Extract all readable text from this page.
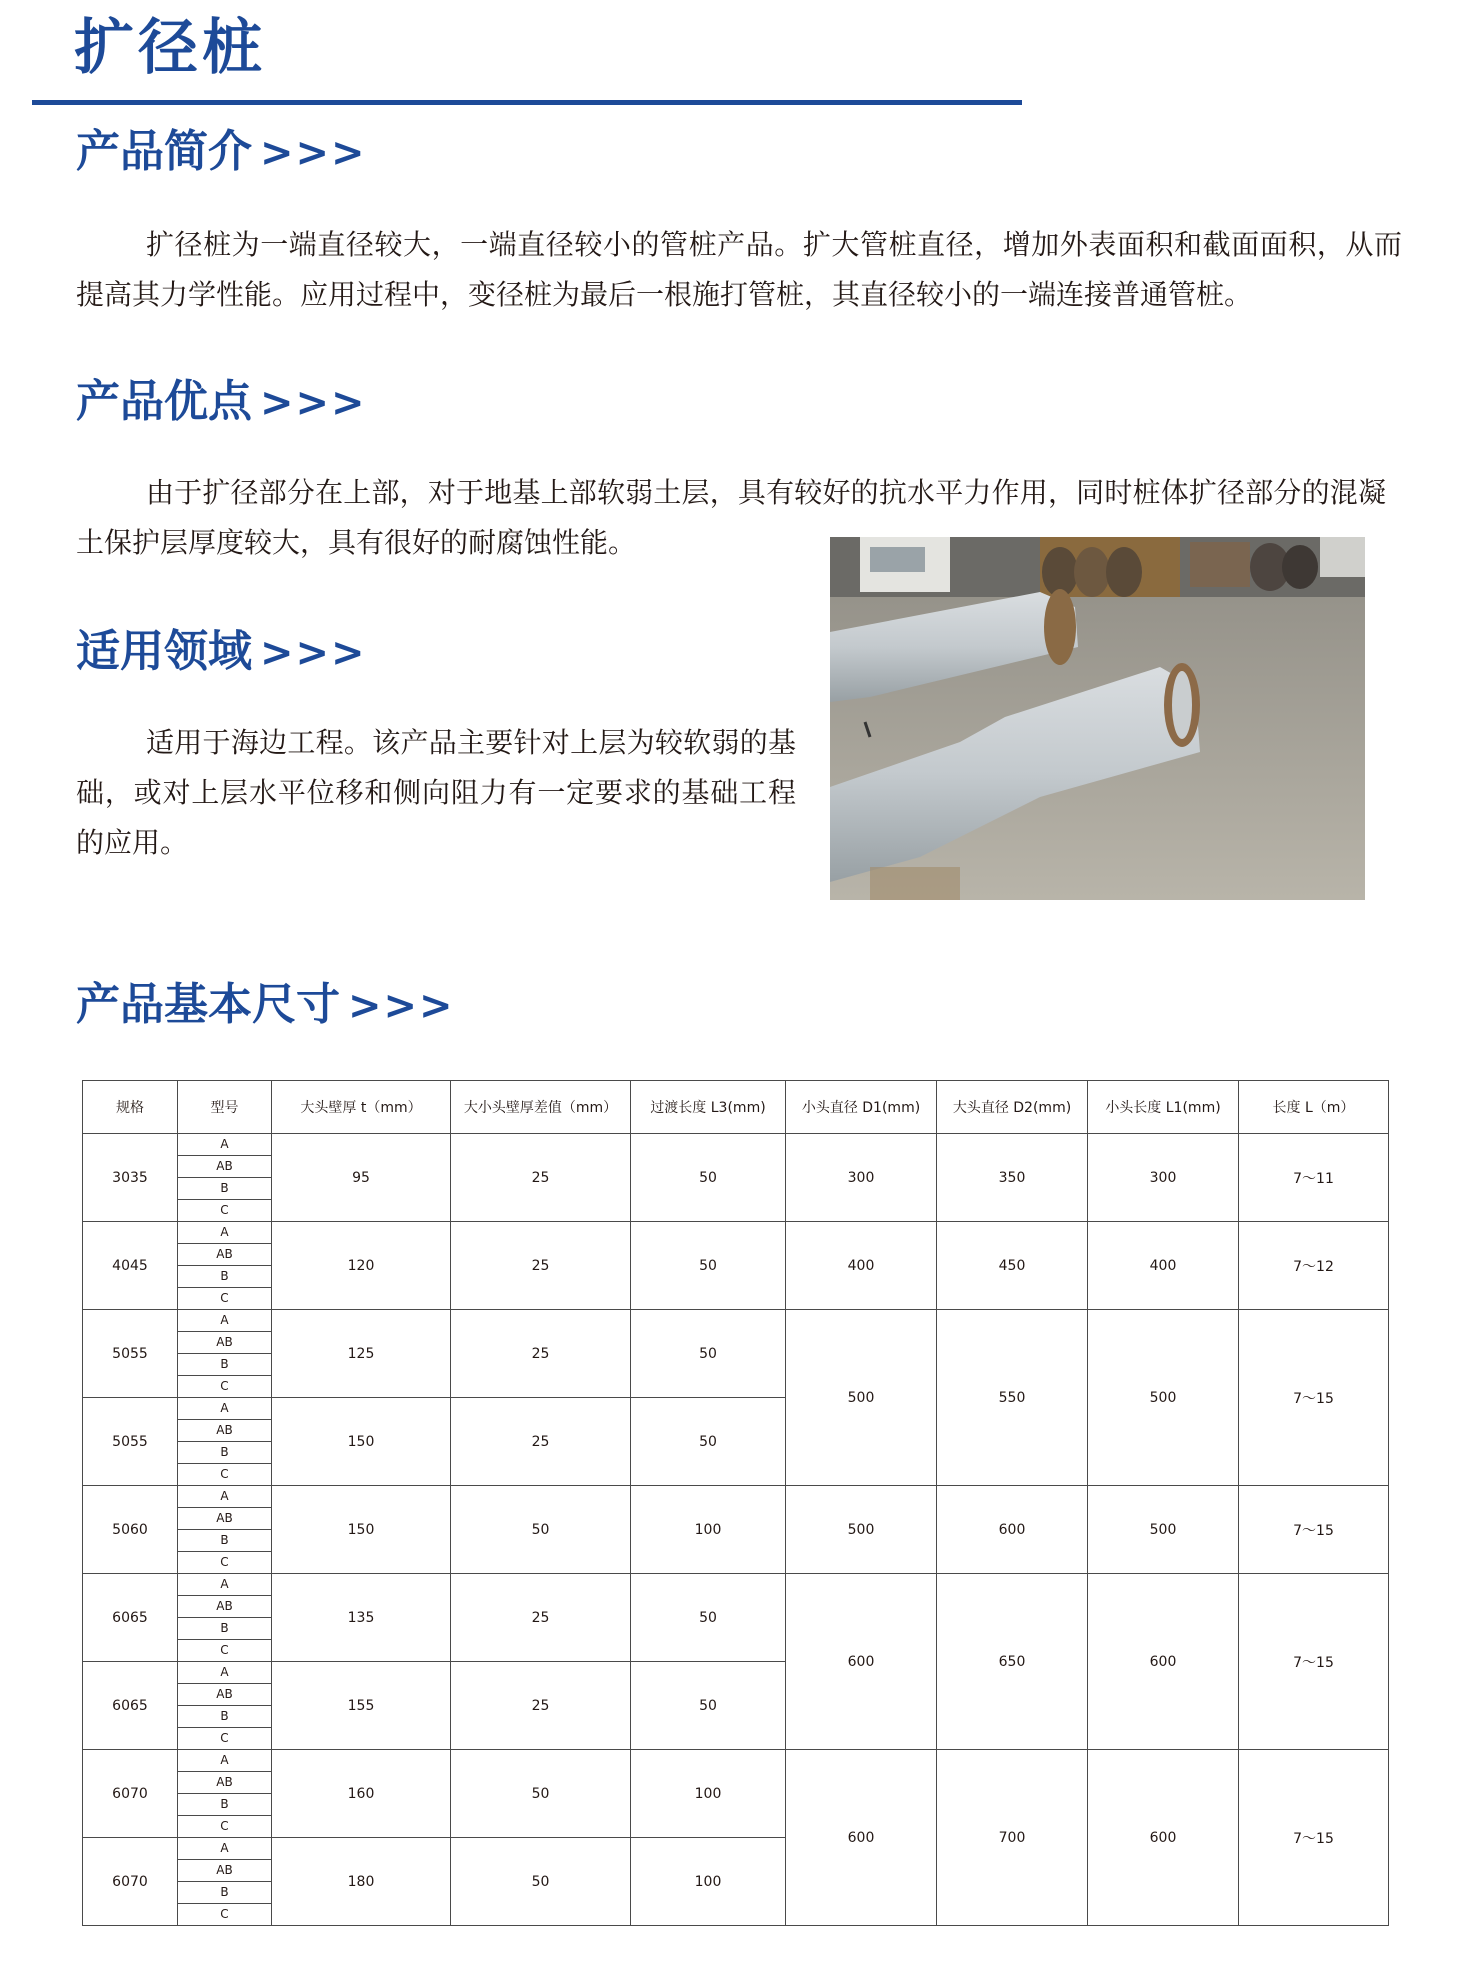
扩径桩
产品简介 >>>

扩径桩为一端直径较大，一端直径较小的管桩产品。扩大管桩直径，增加外表面积和截面面积，从而提高其力学性能。应用过程中，变径桩为最后一根施打管桩，其直径较小的一端连接普通管桩。

产品优点 >>>

由于扩径部分在上部，对于地基上部软弱土层，具有较好的抗水平力作用，同时桩体扩径部分的混凝土保护层厚度较大，具有很好的耐腐蚀性能。

适用领域 >>>

适用于海边工程。该产品主要针对上层为较软弱的基础，或对上层水平位移和侧向阻力有一定要求的基础工程的应用。

产品基本尺寸 >>>
规格	型号	大头壁厚 t（mm）	大小头壁厚差值（mm）	过渡长度 L3(mm)	小头直径 D1(mm)	大头直径 D2(mm)	小头长度 L1(mm)	长度 L（m）
3035	A	95	25	50	300	350	300	7～11
	AB							
	B							
	C							
4045	A	120	25	50	400	450	400	7～12
	AB							
	B							
	C							
5055	A	125	25	50	500	550	500	7～15
	AB							
	B							
	C							
5055	A	150	25	50				
	AB							
	B							
	C							
5060	A	150	50	100	500	600	500	7～15
	AB							
	B							
	C							
6065	A	135	25	50	600	650	600	7～15
	AB							
	B							
	C							
6065	A	155	25	50				
	AB							
	B							
	C							
6070	A	160	50	100	600	700	600	7～15
	AB							
	B							
	C							
6070	A	180	50	100				
	AB							
	B							
	C							
